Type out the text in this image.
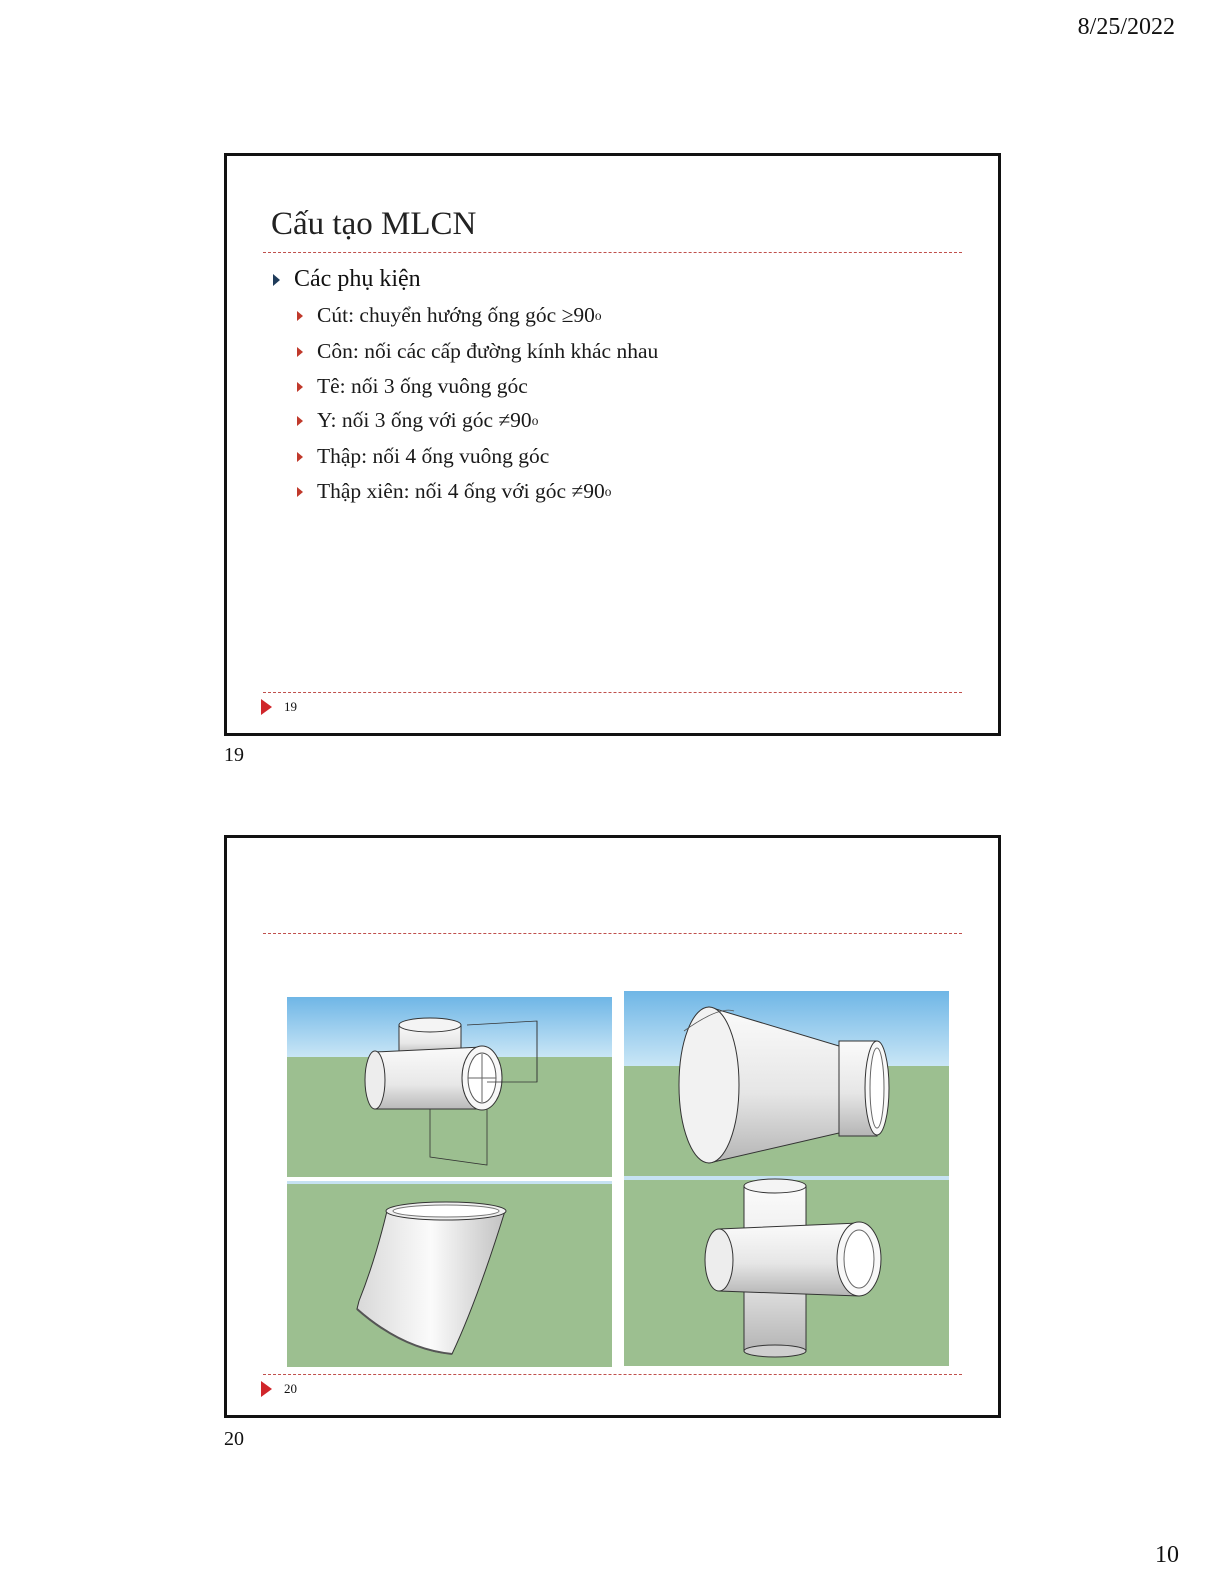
8/25/2022
Cấu tạo MLCN
Các phụ kiện
Cút: chuyển hướng ống góc ≥90 o
Côn: nối các cấp đường kính khác nhau
Tê: nối 3 ống vuông góc
Y: nối 3 ống với góc ≠90 o
Thập: nối 4 ống vuông góc
Thập xiên: nối 4 ống với góc ≠90 o
19
19
20
20
10
